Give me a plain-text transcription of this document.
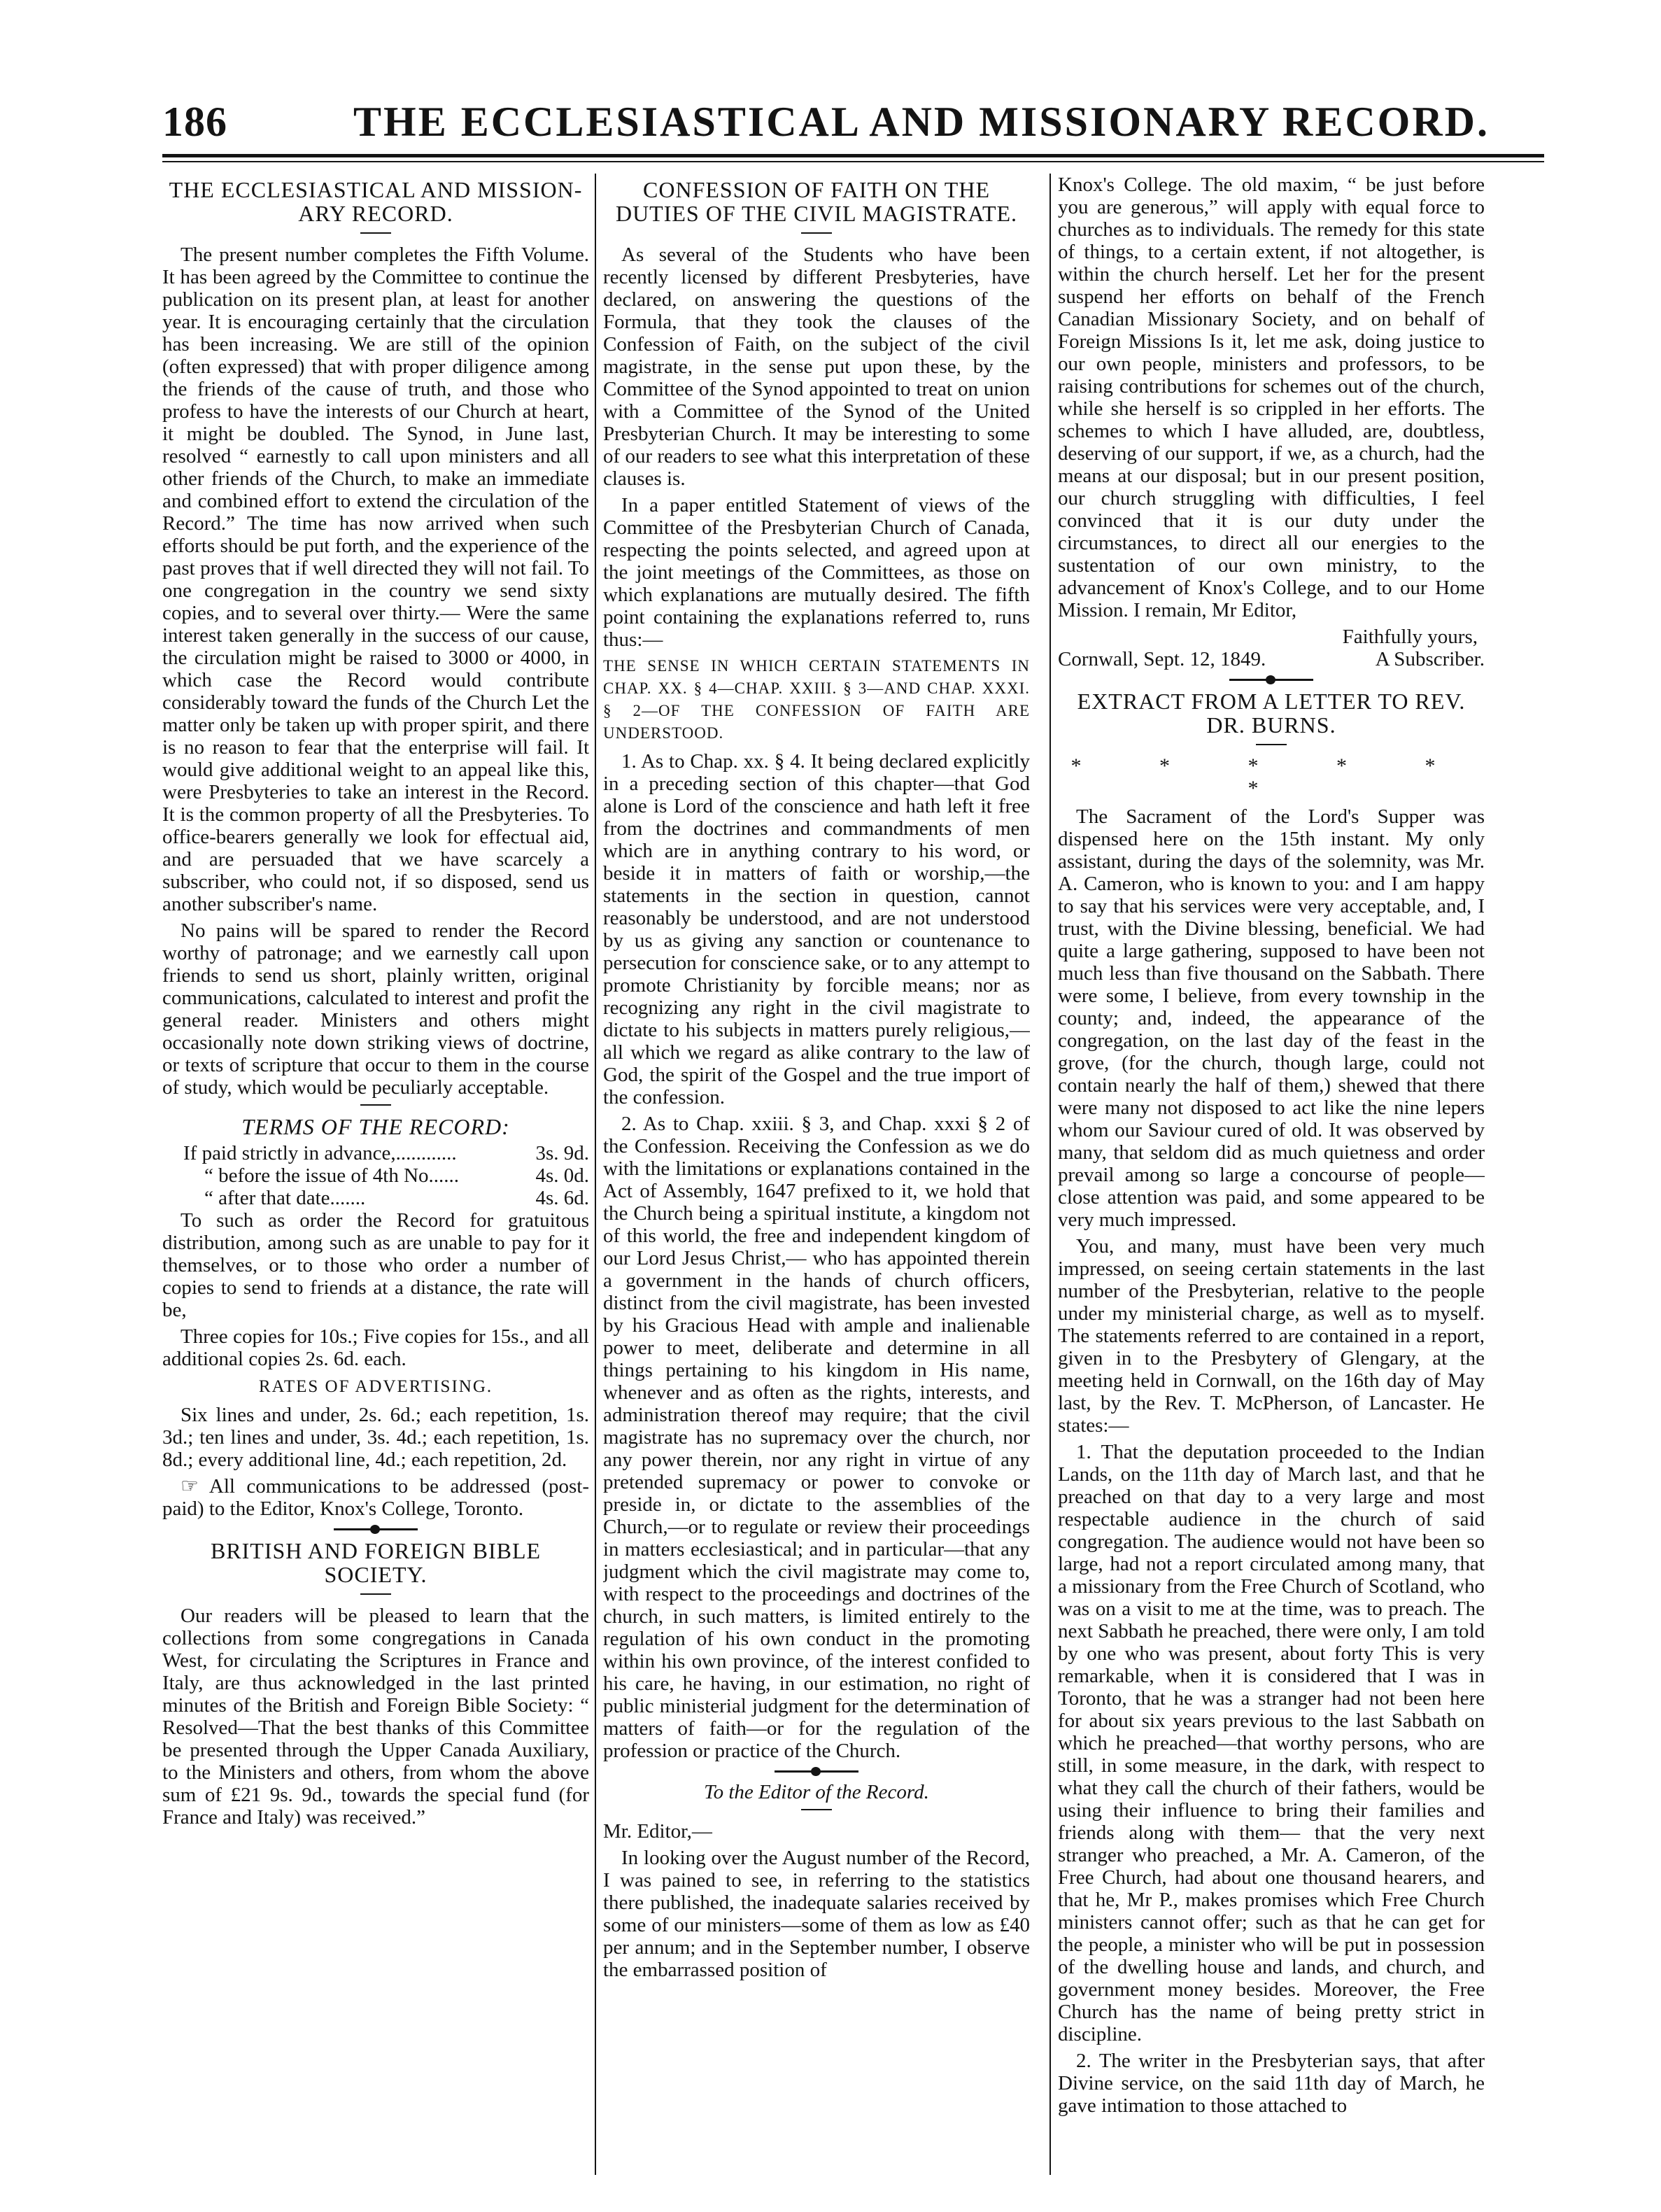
186	THE ECCLESIASTICAL AND MISSIONARY RECORD.
THE ECCLESIASTICAL AND MISSION-ARY RECORD.

The present number completes the Fifth Volume. It has been agreed by the Committee to continue the publication on its present plan, at least for another year. It is encouraging certainly that the circulation has been increasing. We are still of the opinion (often expressed) that with proper diligence among the friends of the cause of truth, and those who profess to have the interests of our Church at heart, it might be doubled. The Synod, in June last, resolved “ earnestly to call upon ministers and all other friends of the Church, to make an immediate and combined effort to extend the circulation of the Record.” The time has now arrived when such efforts should be put forth, and the experience of the past proves that if well directed they will not fail. To one congregation in the country we send sixty copies, and to several over thirty.— Were the same interest taken generally in the success of our cause, the circulation might be raised to 3000 or 4000, in which case the Record would contribute considerably toward the funds of the Church Let the matter only be taken up with proper spirit, and there is no reason to fear that the enterprise will fail. It would give additional weight to an appeal like this, were Presbyteries to take an interest in the Record. It is the common property of all the Presbyteries. To office-bearers generally we look for effectual aid, and are persuaded that we have scarcely a subscriber, who could not, if so disposed, send us another subscriber's name.

No pains will be spared to render the Record worthy of patronage; and we earnestly call upon friends to send us short, plainly written, original communications, calculated to interest and profit the general reader. Ministers and others might occasionally note down striking views of doctrine, or texts of scripture that occur to them in the course of study, which would be peculiarly acceptable.

TERMS OF THE RECORD:
If paid strictly in advance,............	3s. 9d.
“ before the issue of 4th No......	4s. 0d.
“ after that date.......	4s. 6d.

To such as order the Record for gratuitous distribution, among such as are unable to pay for it themselves, or to those who order a number of copies to send to friends at a distance, the rate will be,

Three copies for 10s.; Five copies for 15s., and all additional copies 2s. 6d. each.

RATES OF ADVERTISING.

Six lines and under, 2s. 6d.; each repetition, 1s. 3d.; ten lines and under, 3s. 4d.; each repetition, 1s. 8d.; every additional line, 4d.; each repetition, 2d.

☞ All communications to be addressed (post-paid) to the Editor, Knox's College, Toronto.

BRITISH AND FOREIGN BIBLE SOCIETY.

Our readers will be pleased to learn that the collections from some congregations in Canada West, for circulating the Scriptures in France and Italy, are thus acknowledged in the last printed minutes of the British and Foreign Bible Society: “ Resolved—That the best thanks of this Committee be presented through the Upper Canada Auxiliary, to the Ministers and others, from whom the above sum of £21 9s. 9d., towards the special fund (for France and Italy) was received.”

CONFESSION OF FAITH ON THE DUTIES OF THE CIVIL MAGISTRATE.

As several of the Students who have been recently licensed by different Presbyteries, have declared, on answering the questions of the Formula, that they took the clauses of the Confession of Faith, on the subject of the civil magistrate, in the sense put upon these, by the Committee of the Synod appointed to treat on union with a Committee of the Synod of the United Presbyterian Church. It may be interesting to some of our readers to see what this interpretation of these clauses is.

In a paper entitled Statement of views of the Committee of the Presbyterian Church of Canada, respecting the points selected, and agreed upon at the joint meetings of the Committees, as those on which explanations are mutually desired. The fifth point containing the explanations referred to, runs thus:—

THE SENSE IN WHICH CERTAIN STATEMENTS IN CHAP. XX. § 4—CHAP. XXIII. § 3—AND CHAP. XXXI. § 2—OF THE CONFESSION OF FAITH ARE UNDERSTOOD.

1. As to Chap. xx. § 4. It being declared explicitly in a preceding section of this chapter—that God alone is Lord of the conscience and hath left it free from the doctrines and commandments of men which are in anything contrary to his word, or beside it in matters of faith or worship,—the statements in the section in question, cannot reasonably be understood, and are not understood by us as giving any sanction or countenance to persecution for conscience sake, or to any attempt to promote Christianity by forcible means; nor as recognizing any right in the civil magistrate to dictate to his subjects in matters purely religious,—all which we regard as alike contrary to the law of God, the spirit of the Gospel and the true import of the confession.

2. As to Chap. xxiii. § 3, and Chap. xxxi § 2 of the Confession. Receiving the Confession as we do with the limitations or explanations contained in the Act of Assembly, 1647 prefixed to it, we hold that the Church being a spiritual institute, a kingdom not of this world, the free and independent kingdom of our Lord Jesus Christ,— who has appointed therein a government in the hands of church officers, distinct from the civil magistrate, has been invested by his Gracious Head with ample and inalienable power to meet, deliberate and determine in all things pertaining to his kingdom in His name, whenever and as often as the rights, interests, and administration thereof may require; that the civil magistrate has no supremacy over the church, nor any power therein, nor any right in virtue of any pretended supremacy or power to convoke or preside in, or dictate to the assemblies of the Church,—or to regulate or review their proceedings in matters ecclesiastical; and in particular—that any judgment which the civil magistrate may come to, with respect to the proceedings and doctrines of the church, in such matters, is limited entirely to the regulation of his own conduct in the promoting within his own province, of the interest confided to his care, he having, in our estimation, no right of public ministerial judgment for the determination of matters of faith—or for the regulation of the profession or practice of the Church.

To the Editor of the Record.

Mr. Editor,—

In looking over the August number of the Record, I was pained to see, in referring to the statistics there published, the inadequate salaries received by some of our ministers—some of them as low as £40 per annum; and in the September number, I observe the embarrassed position of

Knox's College. The old maxim, “ be just before you are generous,” will apply with equal force to churches as to individuals. The remedy for this state of things, to a certain extent, if not altogether, is within the church herself. Let her for the present suspend her efforts on behalf of the French Canadian Missionary Society, and on behalf of Foreign Missions Is it, let me ask, doing justice to our own people, ministers and professors, to be raising contributions for schemes out of the church, while she herself is so crippled in her efforts. The schemes to which I have alluded, are, doubtless, deserving of our support, if we, as a church, had the means at our disposal; but in our present position, our church struggling with difficulties, I feel convinced that it is our duty under the circumstances, to direct all our energies to the sustentation of our own ministry, to the advancement of Knox's College, and to our Home Mission. I remain, Mr Editor,

Faithfully yours,
Cornwall, Sept. 12, 1849.	A Subscriber.
EXTRACT FROM A LETTER TO REV. DR. BURNS.
* * * * * *

The Sacrament of the Lord's Supper was dispensed here on the 15th instant. My only assistant, during the days of the solemnity, was Mr. A. Cameron, who is known to you: and I am happy to say that his services were very acceptable, and, I trust, with the Divine blessing, beneficial. We had quite a large gathering, supposed to have been not much less than five thousand on the Sabbath. There were some, I believe, from every township in the county; and, indeed, the appearance of the congregation, on the last day of the feast in the grove, (for the church, though large, could not contain nearly the half of them,) shewed that there were many not disposed to act like the nine lepers whom our Saviour cured of old. It was observed by many, that seldom did as much quietness and order prevail among so large a concourse of people—close attention was paid, and some appeared to be very much impressed.

You, and many, must have been very much impressed, on seeing certain statements in the last number of the Presbyterian, relative to the people under my ministerial charge, as well as to myself. The statements referred to are contained in a report, given in to the Presbytery of Glengary, at the meeting held in Cornwall, on the 16th day of May last, by the Rev. T. McPherson, of Lancaster. He states:—

1. That the deputation proceeded to the Indian Lands, on the 11th day of March last, and that he preached on that day to a very large and most respectable audience in the church of said congregation. The audience would not have been so large, had not a report circulated among many, that a missionary from the Free Church of Scotland, who was on a visit to me at the time, was to preach. The next Sabbath he preached, there were only, I am told by one who was present, about forty This is very remarkable, when it is considered that I was in Toronto, that he was a stranger had not been here for about six years previous to the last Sabbath on which he preached—that worthy persons, who are still, in some measure, in the dark, with respect to what they call the church of their fathers, would be using their influence to bring their families and friends along with them— that the very next stranger who preached, a Mr. A. Cameron, of the Free Church, had about one thousand hearers, and that he, Mr P., makes promises which Free Church ministers cannot offer; such as that he can get for the people, a minister who will be put in possession of the dwelling house and lands, and church, and government money besides. Moreover, the Free Church has the name of being pretty strict in discipline.

2. The writer in the Presbyterian says, that after Divine service, on the said 11th day of March, he gave intimation to those attached to
